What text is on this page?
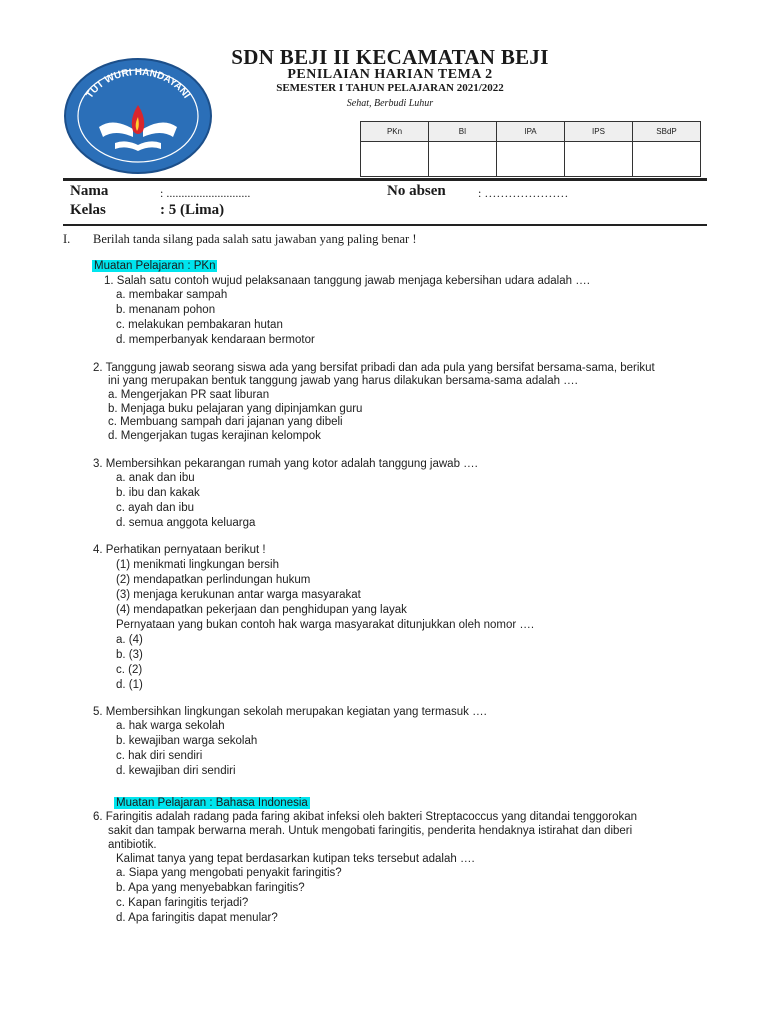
TUT WURI HANDAYANI
SDN BEJI II KECAMATAN BEJI
PENILAIAN HARIAN TEMA 2
SEMESTER I TAHUN PELAJARAN 2021/2022
Sehat, Berbudi Luhur
PKn	BI	IPA	IPS	SBdP

Nama	: ............................	No absen	: …………………
Kelas	: 5 (Lima)
I. Berilah tanda silang pada salah satu jawaban yang paling benar !
Muatan Pelajaran : PKn
Muatan Pelajaran : Bahasa Indonesia
1. Salah satu contoh wujud pelaksanaan tanggung jawab menjaga kebersihan udara adalah ….
a. membakar sampah
b. menanam pohon
c. melakukan pembakaran hutan
d. memperbanyak kendaraan bermotor
2. Tanggung jawab seorang siswa ada yang bersifat pribadi dan ada pula yang bersifat bersama-sama, berikut
ini yang merupakan bentuk tanggung jawab yang harus dilakukan bersama-sama adalah ….
a. Mengerjakan PR saat liburan
b. Menjaga buku pelajaran yang dipinjamkan guru
c. Membuang sampah dari jajanan yang dibeli
d. Mengerjakan tugas kerajinan kelompok
3. Membersihkan pekarangan rumah yang kotor adalah tanggung jawab ….
a. anak dan ibu
b. ibu dan kakak
c. ayah dan ibu
d. semua anggota keluarga
4. Perhatikan pernyataan berikut !
(1) menikmati lingkungan bersih
(2) mendapatkan perlindungan hukum
(3) menjaga kerukunan antar warga masyarakat
(4) mendapatkan pekerjaan dan penghidupan yang layak
Pernyataan yang bukan contoh hak warga masyarakat ditunjukkan oleh nomor ….
a. (4)
b. (3)
c. (2)
d. (1)
5. Membersihkan lingkungan sekolah merupakan kegiatan yang termasuk ….
a. hak warga sekolah
b. kewajiban warga sekolah
c. hak diri sendiri
d. kewajiban diri sendiri
6. Faringitis adalah radang pada faring akibat infeksi oleh bakteri Streptacoccus yang ditandai tenggorokan
sakit dan tampak berwarna merah. Untuk mengobati faringitis, penderita hendaknya istirahat dan diberi
antibiotik.
Kalimat tanya yang tepat berdasarkan kutipan teks tersebut adalah ….
a. Siapa yang mengobati penyakit faringitis?
b. Apa yang menyebabkan faringitis?
c. Kapan faringitis terjadi?
d. Apa faringitis dapat menular?
